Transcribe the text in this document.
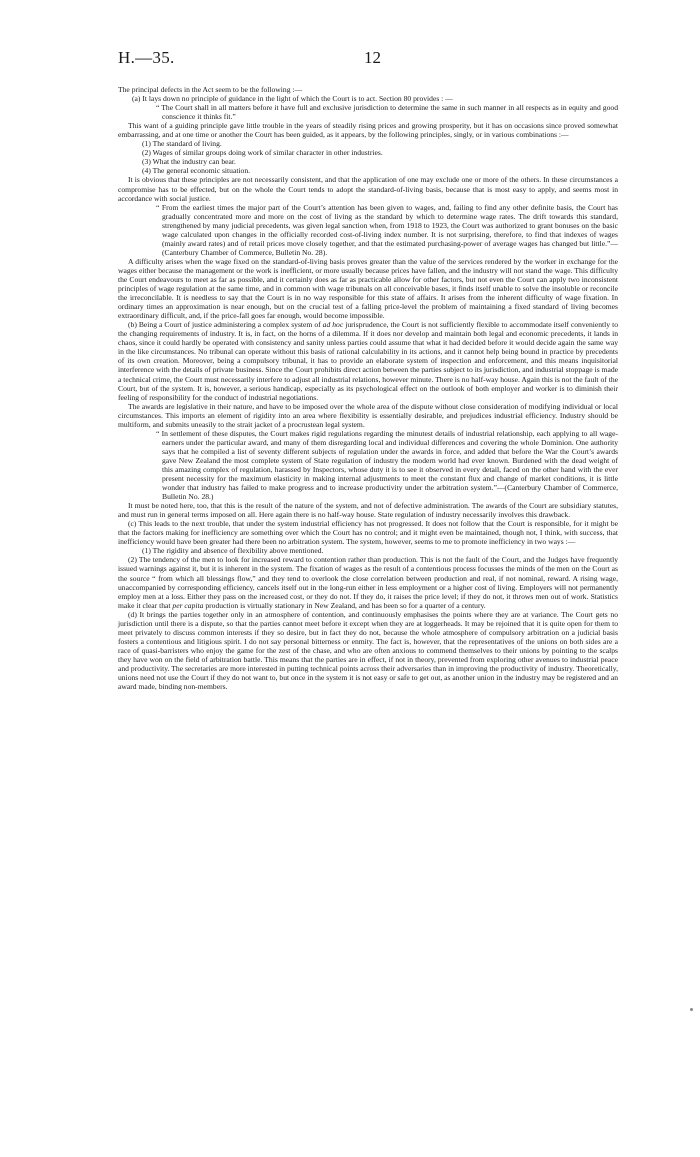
H.—35.	12

The principal defects in the Act seem to be the following :—

(a) It lays down no principle of guidance in the light of which the Court is to act. Section 80 provides : —

“ The Court shall in all matters before it have full and exclusive jurisdiction to determine the same in such manner in all respects as in equity and good conscience it thinks fit.”

This want of a guiding principle gave little trouble in the years of steadily rising prices and growing prosperity, but it has on occasions since proved somewhat embarrassing, and at one time or another the Court has been guided, as it appears, by the following principles, singly, or in various combinations :—

(1) The standard of living.

(2) Wages of similar groups doing work of similar character in other industries.

(3) What the industry can bear.

(4) The general economic situation.

It is obvious that these principles are not necessarily consistent, and that the application of one may exclude one or more of the others. In these circumstances a compromise has to be effected, but on the whole the Court tends to adopt the standard-of-living basis, because that is most easy to apply, and seems most in accordance with social justice.

“ From the earliest times the major part of the Court’s attention has been given to wages, and, failing to find any other definite basis, the Court has gradually concentrated more and more on the cost of living as the standard by which to determine wage rates. The drift towards this standard, strengthened by many judicial precedents, was given legal sanction when, from 1918 to 1923, the Court was authorized to grant bonuses on the basic wage calculated upon changes in the officially recorded cost-of-living index number. It is not surprising, therefore, to find that indexes of wages (mainly award rates) and of retail prices move closely together, and that the estimated purchasing-power of average wages has changed but little.”—(Canterbury Chamber of Commerce, Bulletin No. 28).

A difficulty arises when the wage fixed on the standard-of-living basis proves greater than the value of the services rendered by the worker in exchange for the wages either because the management or the work is inefficient, or more usually because prices have fallen, and the industry will not stand the wage. This difficulty the Court endeavours to meet as far as possible, and it certainly does as far as practicable allow for other factors, but not even the Court can apply two inconsistent principles of wage regulation at the same time, and in common with wage tribunals on all conceivable bases, it finds itself unable to solve the insoluble or reconcile the irreconcilable. It is needless to say that the Court is in no way responsible for this state of affairs. It arises from the inherent difficulty of wage fixation. In ordinary times an approximation is near enough, but on the crucial test of a falling price-level the problem of maintaining a fixed standard of living becomes extraordinary difficult, and, if the price-fall goes far enough, would become impossible.

(b) Being a Court of justice administering a complex system of ad hoc jurisprudence, the Court is not sufficiently flexible to accommodate itself conveniently to the changing requirements of industry. It is, in fact, on the horns of a dilemma. If it does nor develop and maintain both legal and economic precedents, it lands in chaos, since it could hardly be operated with consistency and sanity unless parties could assume that what it had decided before it would decide again the same way in the like circumstances. No tribunal can operate without this basis of rational calculability in its actions, and it cannot help being bound in practice by precedents of its own creation. Moreover, being a compulsory tribunal, it has to provide an elaborate system of inspection and enforcement, and this means inquisitorial interference with the details of private business. Since the Court prohibits direct action between the parties subject to its jurisdiction, and industrial stoppage is made a technical crime, the Court must necessarily interfere to adjust all industrial relations, however minute. There is no half-way house. Again this is not the fault of the Court, but of the system. It is, however, a serious handicap, especially as its psychological effect on the outlook of both employer and worker is to diminish their feeling of responsibility for the conduct of industrial negotiations.

The awards are legislative in their nature, and have to be imposed over the whole area of the dispute without close consideration of modifying individual or local circumstances. This imports an element of rigidity into an area where flexibility is essentially desirable, and prejudices industrial efficiency. Industry should be multiform, and submits uneasily to the strait jacket of a procrustean legal system.

“ In settlement of these disputes, the Court makes rigid regulations regarding the minutest details of industrial relationship, each applying to all wage-earners under the particular award, and many of them disregarding local and individual differences and covering the whole Dominion. One authority says that he compiled a list of seventy different subjects of regulation under the awards in force, and added that before the War the Court’s awards gave New Zealand the most complete system of State regulation of industry the modern world had ever known. Burdened with the dead weight of this amazing complex of regulation, harassed by Inspectors, whose duty it is to see it observed in every detail, faced on the other hand with the ever present necessity for the maximum elasticity in making internal adjustments to meet the constant flux and change of market conditions, it is little wonder that industry has failed to make progress and to increase productivity under the arbitration system.”—(Canterbury Chamber of Commerce, Bulletin No. 28.)

It must be noted here, too, that this is the result of the nature of the system, and not of defective administration. The awards of the Court are subsidiary statutes, and must run in general terms imposed on all. Here again there is no half-way house. State regulation of industry necessarily involves this drawback.

(c) This leads to the next trouble, that under the system industrial efficiency has not progressed. It does not follow that the Court is responsible, for it might be that the factors making for inefficiency are something over which the Court has no control; and it might even be maintained, though not, I think, with success, that inefficiency would have been greater had there been no arbitration system. The system, however, seems to me to promote inefficiency in two ways :—

(1) The rigidity and absence of flexibility above mentioned.

(2) The tendency of the men to look for increased reward to contention rather than production. This is not the fault of the Court, and the Judges have frequently issued warnings against it, but it is inherent in the system. The fixation of wages as the result of a contentious process focusses the minds of the men on the Court as the source “ from which all blessings flow,” and they tend to overlook the close correlation between production and real, if not nominal, reward. A rising wage, unaccompanied by corresponding efficiency, cancels itself out in the long-run either in less employment or a higher cost of living. Employers will not permanently employ men at a loss. Either they pass on the increased cost, or they do not. If they do, it raises the price level; if they do not, it throws men out of work. Statistics make it clear that per capita production is virtually stationary in New Zealand, and has been so for a quarter of a century.

(d) It brings the parties together only in an atmosphere of contention, and continuously emphasises the points where they are at variance. The Court gets no jurisdiction until there is a dispute, so that the parties cannot meet before it except when they are at loggerheads. It may be rejoined that it is quite open for them to meet privately to discuss common interests if they so desire, but in fact they do not, because the whole atmosphere of compulsory arbitration on a judicial basis fosters a contentious and litigious spirit. I do not say personal bitterness or enmity. The fact is, however, that the representatives of the unions on both sides are a race of quasi-barristers who enjoy the game for the zest of the chase, and who are often anxious to commend themselves to their unions by pointing to the scalps they have won on the field of arbitration battle. This means that the parties are in effect, if not in theory, prevented from exploring other avenues to industrial peace and productivity. The secretaries are more interested in putting technical points across their adversaries than in improving the productivity of industry. Theoretically, unions need not use the Court if they do not want to, but once in the system it is not easy or safe to get out, as another union in the industry may be registered and an award made, binding non-members.
